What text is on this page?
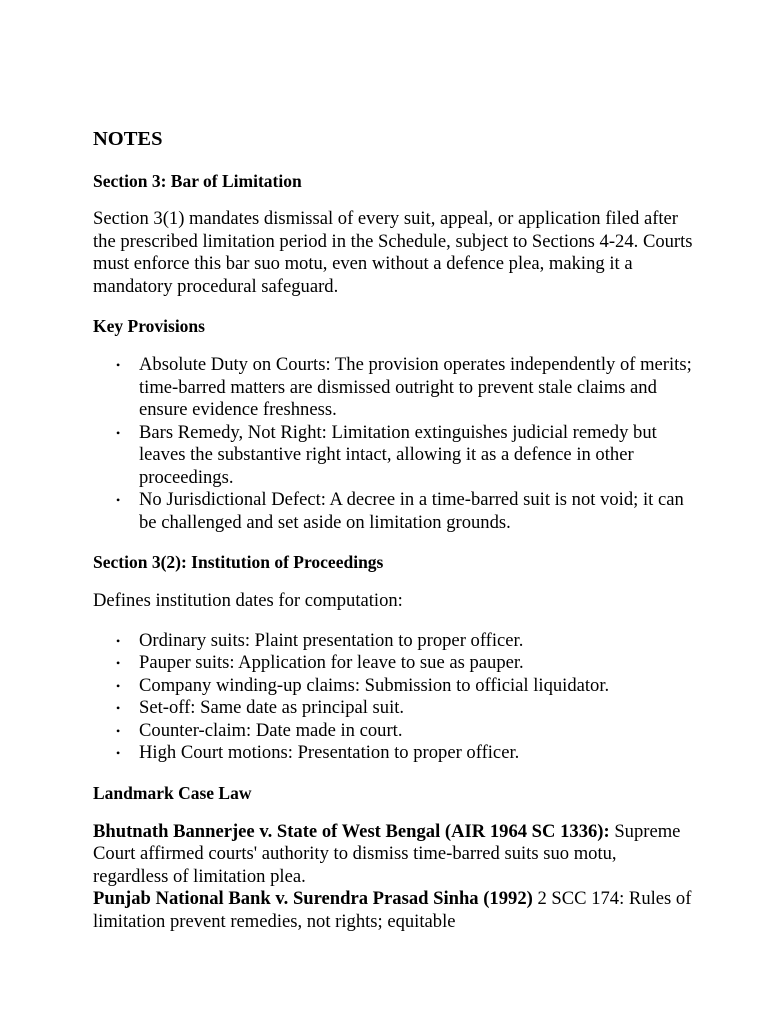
NOTES
Section 3: Bar of Limitation

Section 3(1) mandates dismissal of every suit, appeal, or application filed after the prescribed limitation period in the Schedule, subject to Sections 4-24. Courts must enforce this bar suo motu, even without a defence plea, making it a mandatory procedural safeguard.

Key Provisions
• Absolute Duty on Courts: The provision operates independently of merits; time-barred matters are dismissed outright to prevent stale claims and ensure evidence freshness.
• Bars Remedy, Not Right: Limitation extinguishes judicial remedy but leaves the substantive right intact, allowing it as a defence in other proceedings.
• No Jurisdictional Defect: A decree in a time-barred suit is not void; it can be challenged and set aside on limitation grounds.
Section 3(2): Institution of Proceedings

Defines institution dates for computation:

• Ordinary suits: Plaint presentation to proper officer.
• Pauper suits: Application for leave to sue as pauper.
• Company winding-up claims: Submission to official liquidator.
• Set-off: Same date as principal suit.
• Counter-claim: Date made in court.
• High Court motions: Presentation to proper officer.
Landmark Case Law

Bhutnath Bannerjee v. State of West Bengal (AIR 1964 SC 1336): Supreme Court affirmed courts' authority to dismiss time-barred suits suo motu, regardless of limitation plea.
Punjab National Bank v. Surendra Prasad Sinha (1992) 2 SCC 174: Rules of limitation prevent remedies, not rights; equitable
